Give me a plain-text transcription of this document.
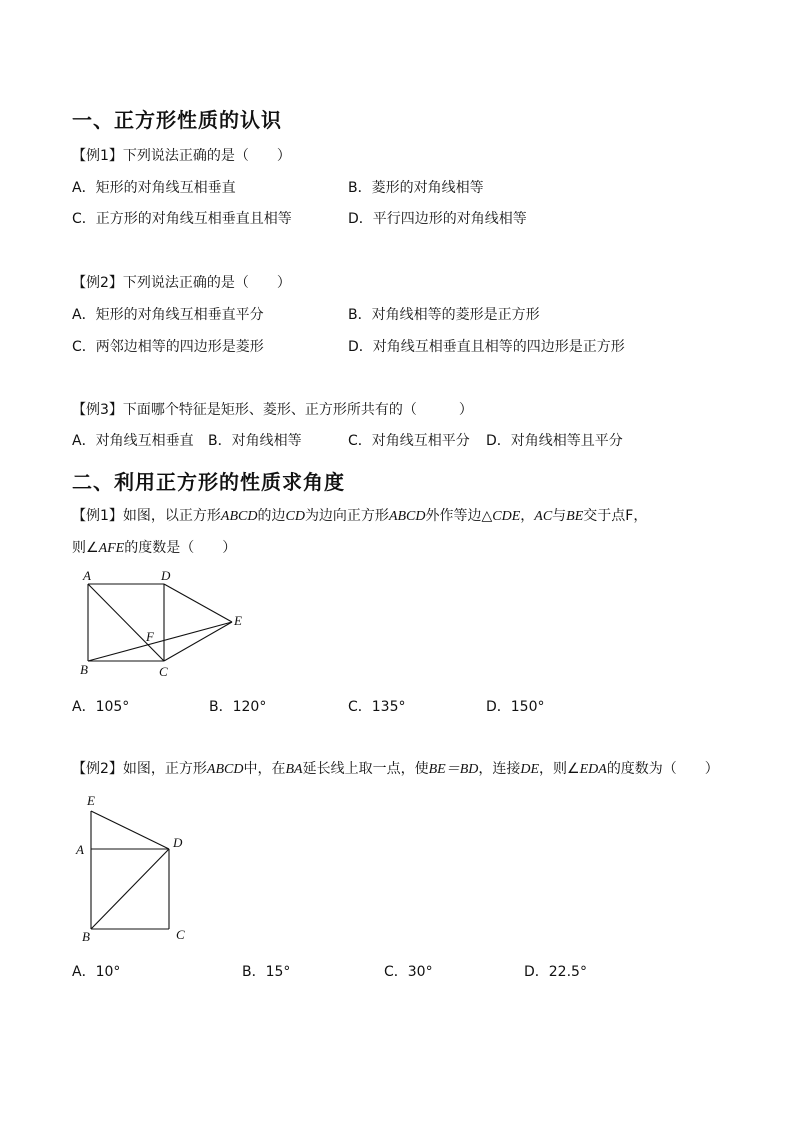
一、正方形性质的认识
【例1】下列说法正确的是（　　）
A．矩形的对角线互相垂直	B．菱形的对角线相等
C．正方形的对角线互相垂直且相等	D．平行四边形的对角线相等
【例2】下列说法正确的是（　　）
A．矩形的对角线互相垂直平分	B．对角线相等的菱形是正方形
C．两邻边相等的四边形是菱形	D．对角线互相垂直且相等的四边形是正方形
【例3】下面哪个特征是矩形、菱形、正方形所共有的（　　　）
A．对角线互相垂直 B．对角线相等	C．对角线互相平分 D．对角线相等且平分
二、利用正方形的性质求角度
【例1】如图，以正方形ABCD的边CD为边向正方形ABCD外作等边△CDE，AC与BE交于点F，
则∠AFE的度数是（　　）
A	D
E
F
B	C
A．105°	B．120°	C．135°	D．150°
【例2】如图，正方形ABCD中，在BA延长线上取一点，使BE＝BD，连接DE，则∠EDA的度数为（　　）
E
A	D
B	C
A．10°	B．15°	C．30°	D．22.5°
